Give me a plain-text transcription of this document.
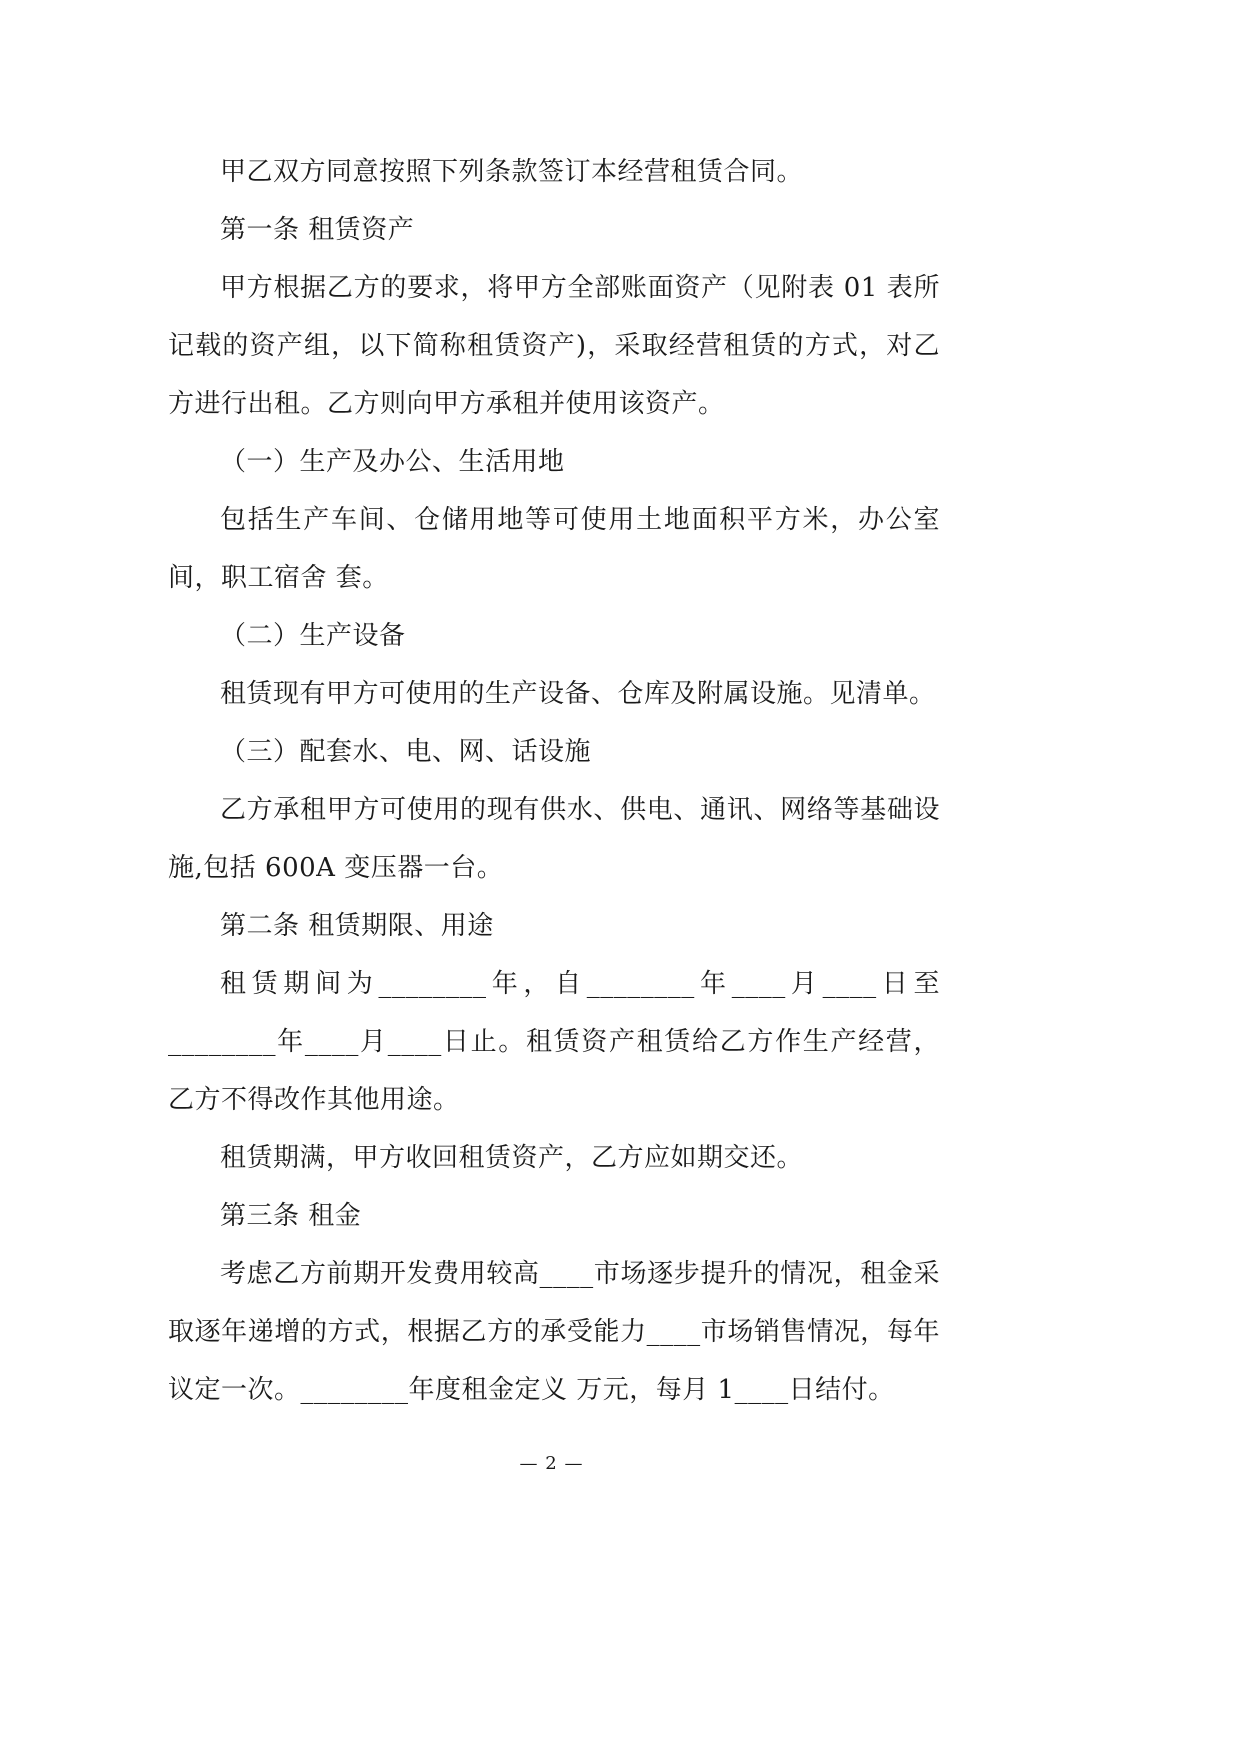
甲乙双方同意按照下列条款签订本经营租赁合同。

第一条 租赁资产

甲方根据乙方的要求，将甲方全部账面资产（见附表 01 表所记载的资产组，以下简称租赁资产)，采取经营租赁的方式，对乙方进行出租。乙方则向甲方承租并使用该资产。

（一）生产及办公、生活用地

包括生产车间、仓储用地等可使用土地面积平方米，办公室间，职工宿舍 套。

（二）生产设备

租赁现有甲方可使用的生产设备、仓库及附属设施。见清单。

（三）配套水、电、网、话设施

乙方承租甲方可使用的现有供水、供电、通讯、网络等基础设施,包括 600A 变压器一台。

第二条 租赁期限、用途

租赁期间为________年，自________年____月____日至________年____月____日止。租赁资产租赁给乙方作生产经营，乙方不得改作其他用途。

租赁期满，甲方收回租赁资产，乙方应如期交还。

第三条 租金

考虑乙方前期开发费用较高____市场逐步提升的情况，租金采取逐年递增的方式，根据乙方的承受能力____市场销售情况，每年议定一次。________年度租金定义 万元，每月 1____日结付。

— 2 —
